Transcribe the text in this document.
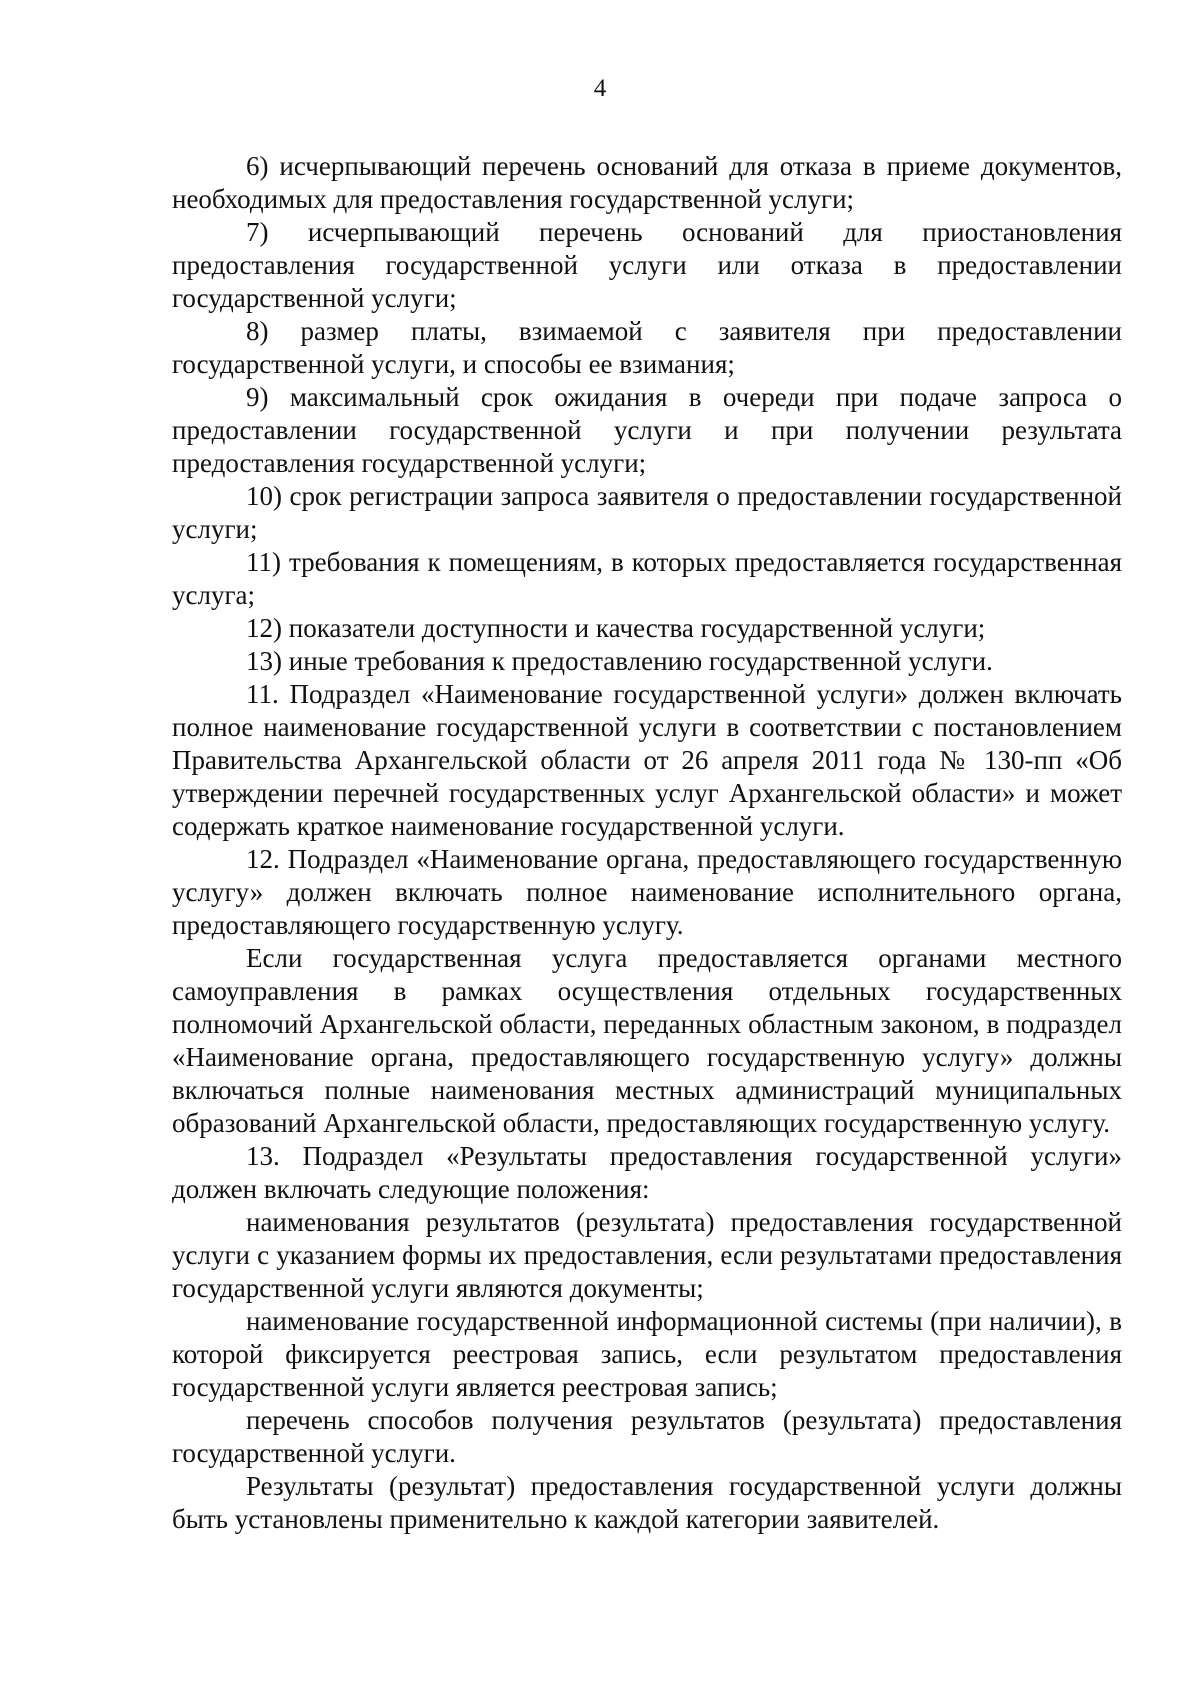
4

6) исчерпывающий перечень оснований для отказа в приеме документов, необходимых для предоставления государственной услуги;

7) исчерпывающий перечень оснований для приостановления предоставления государственной услуги или отказа в предоставлении государственной услуги;

8) размер платы, взимаемой с заявителя при предоставлении государственной услуги, и способы ее взимания;

9) максимальный срок ожидания в очереди при подаче запроса о предоставлении государственной услуги и при получении результата предоставления государственной услуги;

10) срок регистрации запроса заявителя о предоставлении государственной услуги;

11) требования к помещениям, в которых предоставляется государственная услуга;

12) показатели доступности и качества государственной услуги;

13) иные требования к предоставлению государственной услуги.

11. Подраздел «Наименование государственной услуги» должен включать полное наименование государственной услуги в соответствии с постановлением Правительства Архангельской области от 26 апреля 2011 года № 130-пп «Об утверждении перечней государственных услуг Архангельской области» и может содержать краткое наименование государственной услуги.

12. Подраздел «Наименование органа, предоставляющего государственную услугу» должен включать полное наименование исполнительного органа, предоставляющего государственную услугу.

Если государственная услуга предоставляется органами местного самоуправления в рамках осуществления отдельных государственных полномочий Архангельской области, переданных областным законом, в подраздел «Наименование органа, предоставляющего государственную услугу» должны включаться полные наименования местных администраций муниципальных образований Архангельской области, предоставляющих государственную услугу.

13. Подраздел «Результаты предоставления государственной услуги» должен включать следующие положения:

наименования результатов (результата) предоставления государственной услуги с указанием формы их предоставления, если результатами предоставления государственной услуги являются документы;

наименование государственной информационной системы (при наличии), в которой фиксируется реестровая запись, если результатом предоставления государственной услуги является реестровая запись;

перечень способов получения результатов (результата) предоставления государственной услуги.

Результаты (результат) предоставления государственной услуги должны быть установлены применительно к каждой категории заявителей.
